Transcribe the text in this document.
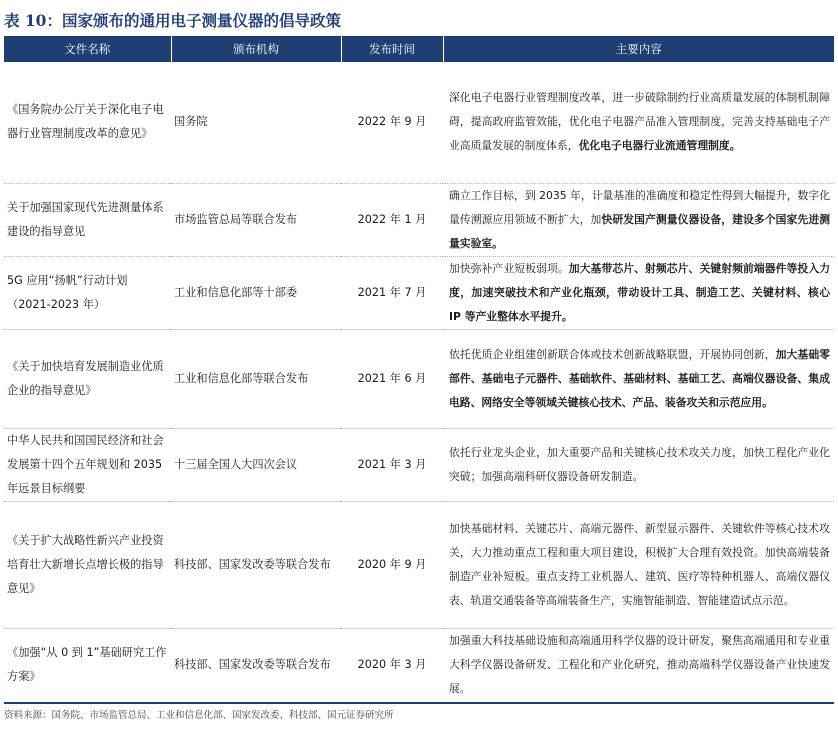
表 10：国家颁布的通用电子测量仪器的倡导政策
文件名称	颁布机构	发布时间	主要内容
《国务院办公厅关于深化电子电器行业管理制度改革的意见》	国务院	2022 年 9 月	深化电子电器行业管理制度改革，进一步破除制约行业高质量发展的体制机制障碍，提高政府监管效能，优化电子电器产品准入管理制度，完善支持基础电子产业高质量发展的制度体系，优化电子电器行业流通管理制度。
关于加强国家现代先进测量体系建设的指导意见	市场监管总局等联合发布	2022 年 1 月	确立工作目标，到 2035 年，计量基准的准确度和稳定性得到大幅提升，数字化量传溯源应用领域不断扩大，加快研发国产测量仪器设备，建设多个国家先进测量实验室。
5G 应用“扬帆”行动计划（2021-2023 年）	工业和信息化部等十部委	2021 年 7 月	加快弥补产业短板弱项。加大基带芯片、射频芯片、关键射频前端器件等投入力度，加速突破技术和产业化瓶颈，带动设计工具、制造工艺、关键材料、核心 IP 等产业整体水平提升。
《关于加快培育发展制造业优质企业的指导意见》	工业和信息化部等联合发布	2021 年 6 月	依托优质企业组建创新联合体或技术创新战略联盟，开展协同创新，加大基础零部件、基础电子元器件、基础软件、基础材料、基础工艺、高端仪器设备、集成电路、网络安全等领域关键核心技术、产品、装备攻关和示范应用。
中华人民共和国国民经济和社会发展第十四个五年规划和 2035 年远景目标纲要	十三届全国人大四次会议	2021 年 3 月	依托行业龙头企业，加大重要产品和关键核心技术攻关力度，加快工程化产业化突破；加强高端科研仪器设备研发制造。
《关于扩大战略性新兴产业投资培育壮大新增长点增长极的指导意见》	科技部、国家发改委等联合发布	2020 年 9 月	加快基础材料、关键芯片、高端元器件、新型显示器件、关键软件等核心技术攻关，大力推动重点工程和重大项目建设，积极扩大合理有效投资。加快高端装备制造产业补短板。重点支持工业机器人、建筑、医疗等特种机器人、高端仪器仪表、轨道交通装备等高端装备生产，实施智能制造、智能建造试点示范。
《加强“从 0 到 1”基础研究工作方案》	科技部、国家发改委等联合发布	2020 年 3 月	加强重大科技基础设施和高端通用科学仪器的设计研发，聚焦高端通用和专业重大科学仪器设备研发、工程化和产业化研究，推动高端科学仪器设备产业快速发展。
资料来源：国务院、市场监管总局、工业和信息化部、国家发改委、科技部、国元证券研究所
